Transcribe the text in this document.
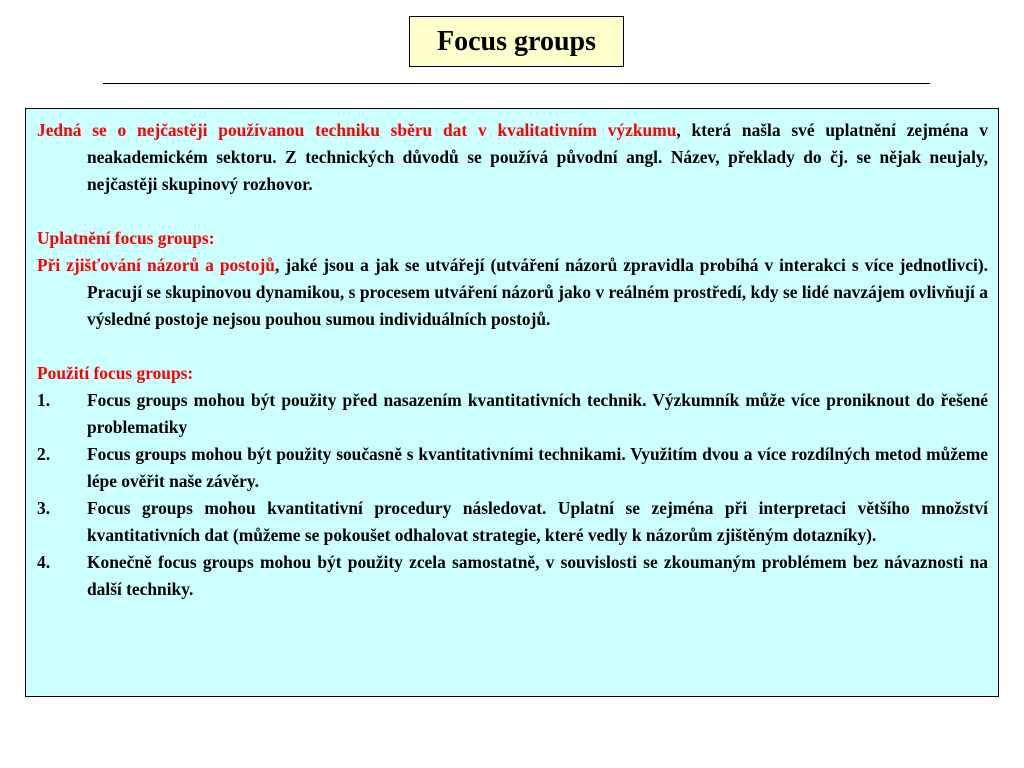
Focus groups

Jedná se o nejčastěji používanou techniku sběru dat v kvalitativním výzkumu, která našla své uplatnění zejména v neakademickém sektoru. Z technických důvodů se používá původní angl. Název, překlady do čj. se nějak neujaly, nejčastěji skupinový rozhovor.

Uplatnění focus groups:

Při zjišťování názorů a postojů, jaké jsou a jak se utvářejí (utváření názorů zpravidla probíhá v interakci s více jednotlivci). Pracují se skupinovou dynamikou, s procesem utváření názorů jako v reálném prostředí, kdy se lidé navzájem ovlivňují a výsledné postoje nejsou pouhou sumou individuálních postojů.

Použití focus groups:

1.	Focus groups mohou být použity před nasazením kvantitativních technik. Výzkumník může více proniknout do řešené problematiky
2.	Focus groups mohou být použity současně s kvantitativními technikami. Využitím dvou a více rozdílných metod můžeme lépe ověřit naše závěry.
3.	Focus groups mohou kvantitativní procedury následovat. Uplatní se zejména při interpretaci většího množství kvantitativních dat (můžeme se pokoušet odhalovat strategie, které vedly k názorům zjištěným dotazníky).
4.	Konečně focus groups mohou být použity zcela samostatně, v souvislosti se zkoumaným problémem bez návaznosti na další techniky.
